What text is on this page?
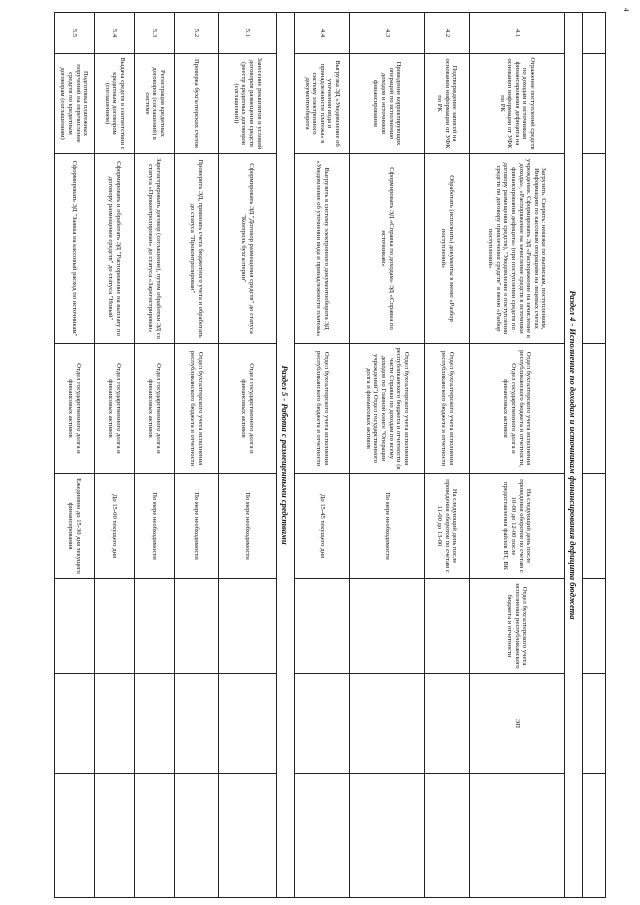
4
Раздел 4 - Исполнение по доходам и источникам финансирования дефицита бюджета
4.1
Отражение поступлений средств по доходам и источникам финансирования дефицита на основании информации от УФК по РК
Загрузить. Сверить: невязки по выпискам, поступлениям, Информацию по кассовым операциям на лицевых счетах учреждения. Сформировать ЭД «Распоряжение на зачисление в доходы», «Распоряжение на зачисление средств в источники финансирования дефицита» (при поступлении средств по договору размещения средств), "Уведомление о поступлении средств по договору привлечения средств" в меню «Разбор поступлений»
Отдел бухгалтерского учета исполнения республиканского бюджета и отчетности, Отдел государственного долга и финансовых активов
На следующий день после проведения оборотов по счетам с 10-00 до 12-00 после предоставления файлов ВТ, ВК
Отдел бухгалтерского учета исполнения республиканского бюджета и отчетности
ЭП
4.2
Подтверждение записей на основании информации от УФК по РК
Обработать (исполнить) документы в меню «Разбор поступлений»
Отдел бухгалтерского учета исполнения республиканского бюджета и отчетности
На следующий день после проведения оборотов по счетам с 11-00 до 13-00
4.3
Проведение корректирующих операций по исполнению доходов и источников финансирования
Сформировать ЭД «Справка по доходам» ЭД «Справка по источникам»
Отдел бухгалтерского учета исполнения республиканского бюджета и отчетности (в части Справки по доходам по всему доходов по Главной книге "Операции учреждений") Отдел государственного долга и финансовых активов
По мере необходимости
4.4
Выгрузка ЭД «Уведомление об уточнении вида и принадлежности платежа» в систему электронного документооборота
Выгрузить в систему электронного документооборота ЭД «Уведомление об уточнении вида и принадлежности платежа»
Отдел бухгалтерского учета исполнения республиканского бюджета и отчетности
До 15-45 текущего дня
Раздел 5 - Работа с размещенными средствами
5.1
Занесение реквизитов и условий договоров размещения средств (реестр кредитных договоров (соглашений))
Сформировать ЭД "Договор размещения средств" до статуса "Контроль бухгалтерии"
Отдел государственного долга и финансовых активов
По мере необходимости
5.2
Проверка бухгалтерских счетов
Проверить ЭД, привязать счета бюджетного учета и обработать до статуса "Проконтролирован"
Отдел бухгалтерского учета исполнения республиканского бюджета и отчетности
По мере необходимости
5.3
Регистрация кредитных договоров (соглашений) в системе
Зарегистрировать договор (соглашение), путем обработки ЭД со статуса «Проконтролирован» до статуса «Зарегистрирован»
Отдел государственного долга и финансовых активов
По мере необходимости
5.4
Выдача средств в соответствии с кредитным договором (соглашением)
Сформировать и обработать ЭД "Распоряжение на выплату по договору размещения средств" до статуса "Новый"
Отдел государственного долга и финансовых активов
До 15-00 текущего дня
5.5
Подготовка платежных поручений на перечисление средств по кредитным договорам (соглашениям)
Сформировать ЭД "Заявка на кассовый расход по источникам"
Отдел государственного долга и финансовых активов
Ежедневно до 15-30 дня текущего финансирования
